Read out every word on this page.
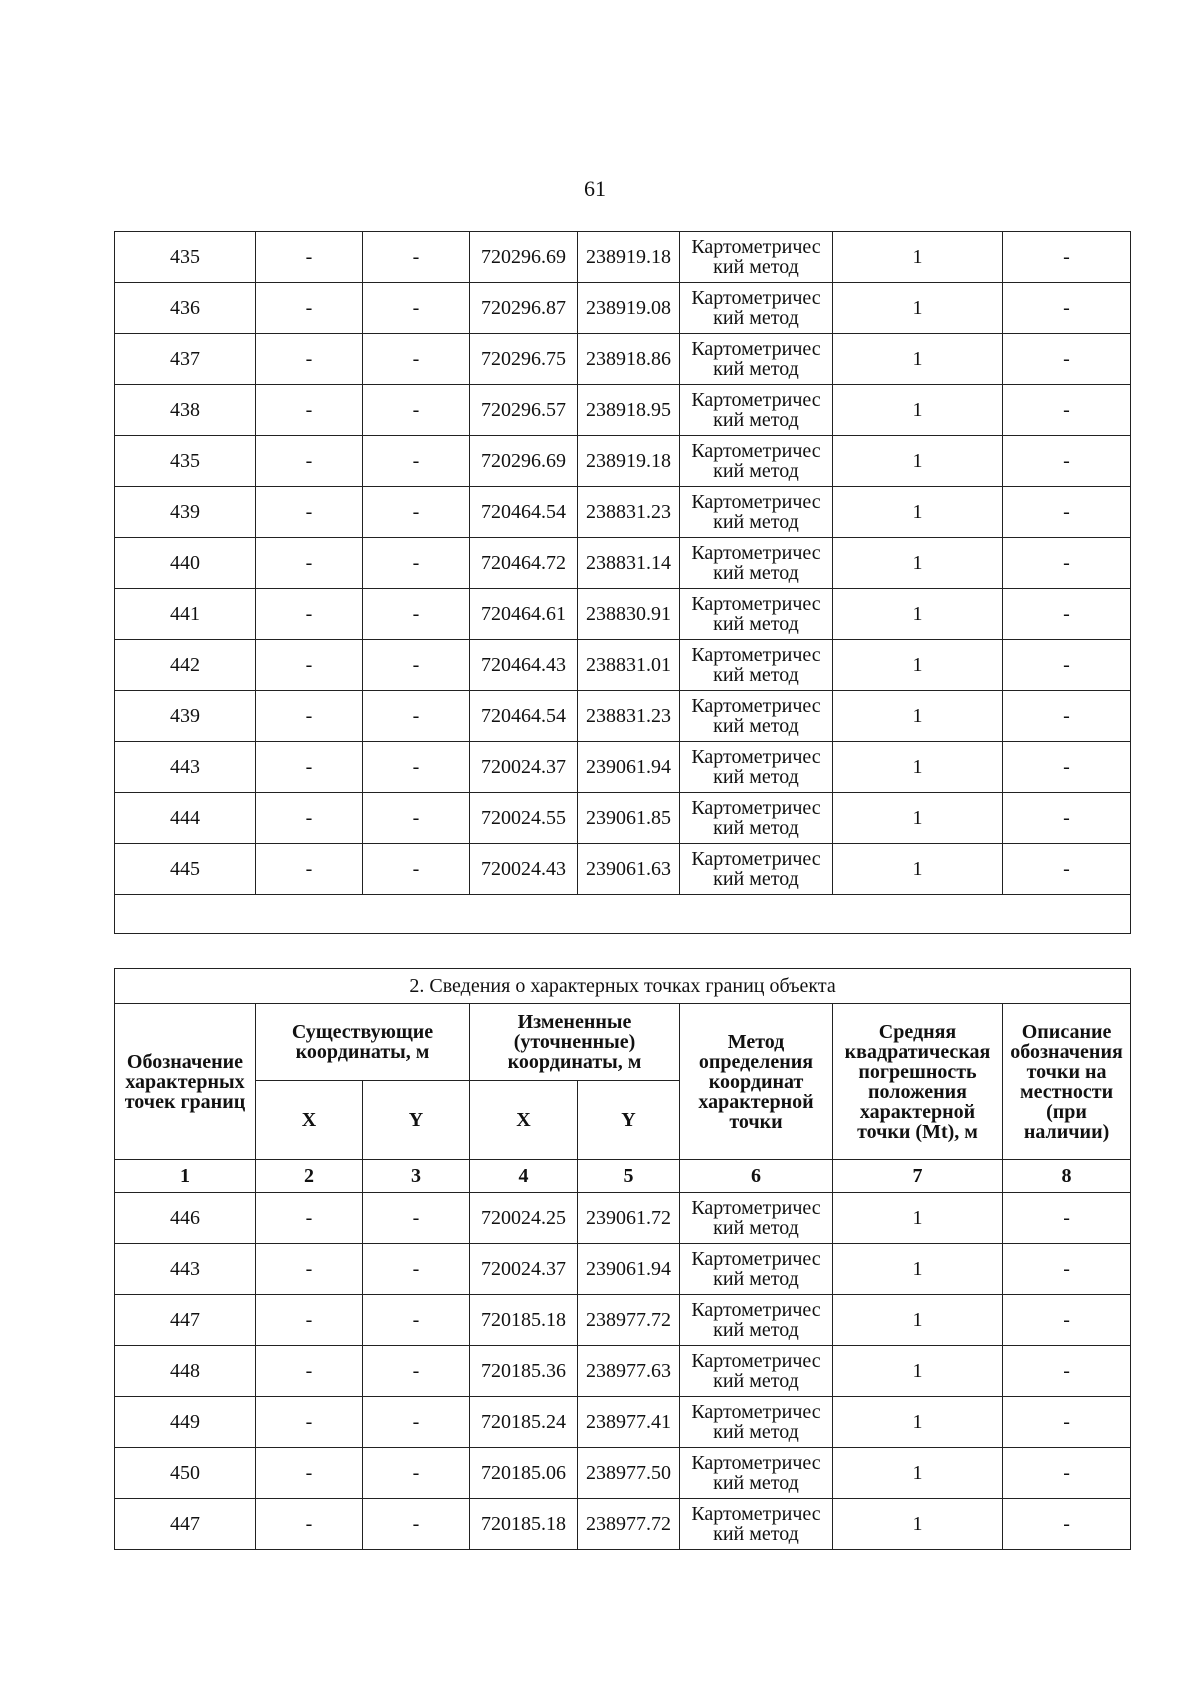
61
435	-	-	720296.69	238919.18	Картометричес
кий метод	1	-
436	-	-	720296.87	238919.08	Картометричес
кий метод	1	-
437	-	-	720296.75	238918.86	Картометричес
кий метод	1	-
438	-	-	720296.57	238918.95	Картометричес
кий метод	1	-
435	-	-	720296.69	238919.18	Картометричес
кий метод	1	-
439	-	-	720464.54	238831.23	Картометричес
кий метод	1	-
440	-	-	720464.72	238831.14	Картометричес
кий метод	1	-
441	-	-	720464.61	238830.91	Картометричес
кий метод	1	-
442	-	-	720464.43	238831.01	Картометричес
кий метод	1	-
439	-	-	720464.54	238831.23	Картометричес
кий метод	1	-
443	-	-	720024.37	239061.94	Картометричес
кий метод	1	-
444	-	-	720024.55	239061.85	Картометричес
кий метод	1	-
445	-	-	720024.43	239061.63	Картометричес
кий метод	1	-

2. Сведения о характерных точках границ объекта							
Обозначение характерных точек границ	Существующие координаты, м		Измененные (уточненные) координаты, м		Метод определения координат характерной точки	Средняя квадратическая погрешность положения характерной точки (Mt), м	Описание обозначения точки на местности (при наличии)
	X	Y	X	Y			
1	2	3	4	5	6	7	8
446	-	-	720024.25	239061.72	Картометричес
кий метод	1	-
443	-	-	720024.37	239061.94	Картометричес
кий метод	1	-
447	-	-	720185.18	238977.72	Картометричес
кий метод	1	-
448	-	-	720185.36	238977.63	Картометричес
кий метод	1	-
449	-	-	720185.24	238977.41	Картометричес
кий метод	1	-
450	-	-	720185.06	238977.50	Картометричес
кий метод	1	-
447	-	-	720185.18	238977.72	Картометричес
кий метод	1	-
